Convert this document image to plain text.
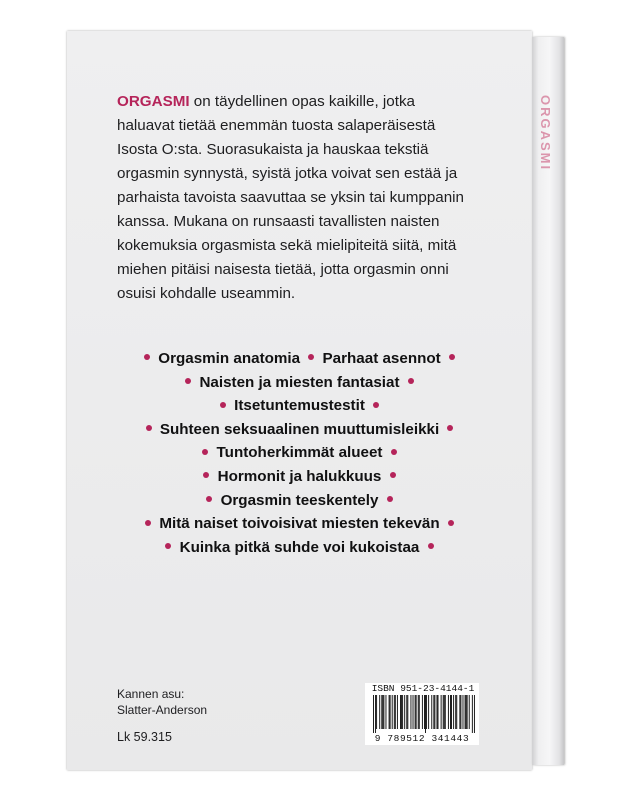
ORGASMI

ORGASMI on täydellinen opas kaikille, jotka
haluavat tietää enemmän tuosta salaperäisestä
Isosta O:sta. Suorasukaista ja hauskaa tekstiä
orgasmin synnystä, syistä jotka voivat sen estää ja
parhaista tavoista saavuttaa se yksin tai kumppanin
kanssa. Mukana on runsaasti tavallisten naisten
kokemuksia orgasmista sekä mielipiteitä siitä, mitä
miehen pitäisi naisesta tietää, jotta orgasmin onni
osuisi kohdalle useammin.

Orgasmin anatomia Parhaat asennot
Naisten ja miesten fantasiat
Itsetuntemustestit
Suhteen seksuaalinen muuttumisleikki
Tuntoherkimmät alueet
Hormonit ja halukkuus
Orgasmin teeskentely
Mitä naiset toivoisivat miesten tekevän
Kuinka pitkä suhde voi kukoistaa
Kannen asu:
Slatter-Anderson
Lk 59.315
ISBN 951-23-4144-1
9 789512 341443
